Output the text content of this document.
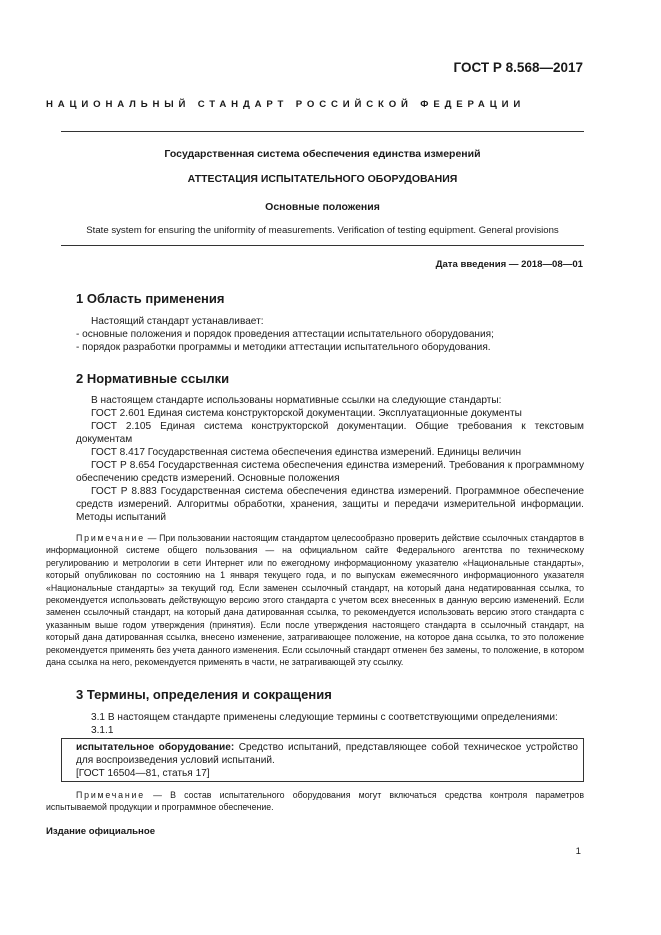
ГОСТ Р 8.568—2017
НАЦИОНАЛЬНЫЙ СТАНДАРТ РОССИЙСКОЙ ФЕДЕРАЦИИ
Государственная система обеспечения единства измерений
АТТЕСТАЦИЯ ИСПЫТАТЕЛЬНОГО ОБОРУДОВАНИЯ
Основные положения
State system for ensuring the uniformity of measurements. Verification of testing equipment. General provisions
Дата введения — 2018—08—01
1 Область применения

Настоящий стандарт устанавливает:

- основные положения и порядок проведения аттестации испытательного оборудования;

- порядок разработки программы и методики аттестации испытательного оборудования.

2 Нормативные ссылки

В настоящем стандарте использованы нормативные ссылки на следующие стандарты:

ГОСТ 2.601 Единая система конструкторской документации. Эксплуатационные документы

ГОСТ 2.105 Единая система конструкторской документации. Общие требования к текстовым документам

ГОСТ 8.417 Государственная система обеспечения единства измерений. Единицы величин

ГОСТ Р 8.654 Государственная система обеспечения единства измерений. Требования к программному обеспечению средств измерений. Основные положения

ГОСТ Р 8.883 Государственная система обеспечения единства измерений. Программное обеспечение средств измерений. Алгоритмы обработки, хранения, защиты и передачи измерительной информации. Методы испытаний

Примечание — При пользовании настоящим стандартом целесообразно проверить действие ссылочных стандартов в информационной системе общего пользования — на официальном сайте Федерального агентства по техническому регулированию и метрологии в сети Интернет или по ежегодному информационному указателю «Национальные стандарты», который опубликован по состоянию на 1 января текущего года, и по выпускам ежемесячного информационного указателя «Национальные стандарты» за текущий год. Если заменен ссылочный стандарт, на который дана недатированная ссылка, то рекомендуется использовать действующую версию этого стандарта с учетом всех внесенных в данную версию изменений. Если заменен ссылочный стандарт, на который дана датированная ссылка, то рекомендуется использовать версию этого стандарта с указанным выше годом утверждения (принятия). Если после утверждения настоящего стандарта в ссылочный стандарт, на который дана датированная ссылка, внесено изменение, затрагивающее положение, на которое дана ссылка, то это положение рекомендуется применять без учета данного изменения. Если ссылочный стандарт отменен без замены, то положение, в котором дана ссылка на него, рекомендуется применять в части, не затрагивающей эту ссылку.

3 Термины, определения и сокращения

3.1 В настоящем стандарте применены следующие термины с соответствующими определениями:

3.1.1

испытательное оборудование: Средство испытаний, представляющее собой техническое устройство для воспроизведения условий испытаний.

[ГОСТ 16504—81, статья 17]

Примечание — В состав испытательного оборудования могут включаться средства контроля параметров испытываемой продукции и программное обеспечение.

Издание официальное
1
